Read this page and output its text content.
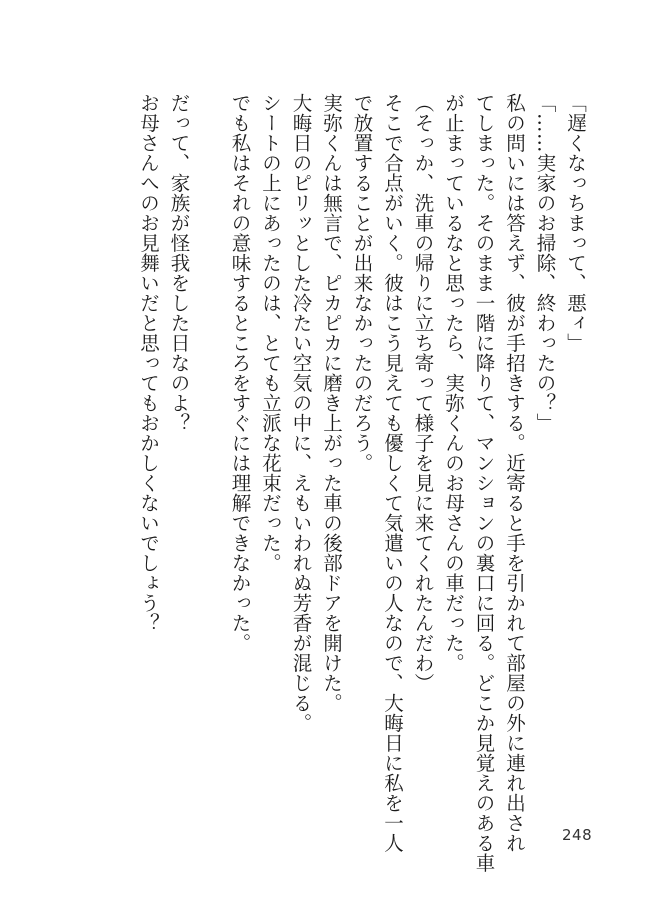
「遅くなっちまって、悪ィ」
「……実家のお掃除、終わったの？」
私の問いには答えず、彼が手招きする。近寄ると手を引かれて部屋の外に連れ出され
てしまった。そのまま一階に降りて、マンションの裏口に回る。どこか見覚えのある車
が止まっているなと思ったら、実弥くんのお母さんの車だった。
（そっか、洗車の帰りに立ち寄って様子を見に来てくれたんだわ）
そこで合点がいく。彼はこう見えても優しくて気遣いの人なので、大晦日に私を一人
で放置することが出来なかったのだろう。
実弥くんは無言で、ピカピカに磨き上がった車の後部ドアを開けた。
大晦日のピリッとした冷たい空気の中に、えもいわれぬ芳香が混じる。
シートの上にあったのは、とても立派な花束だった。
でも私はそれの意味するところをすぐには理解できなかった。
だって、家族が怪我をした日なのよ？
お母さんへのお見舞いだと思ってもおかしくないでしょう？
248
